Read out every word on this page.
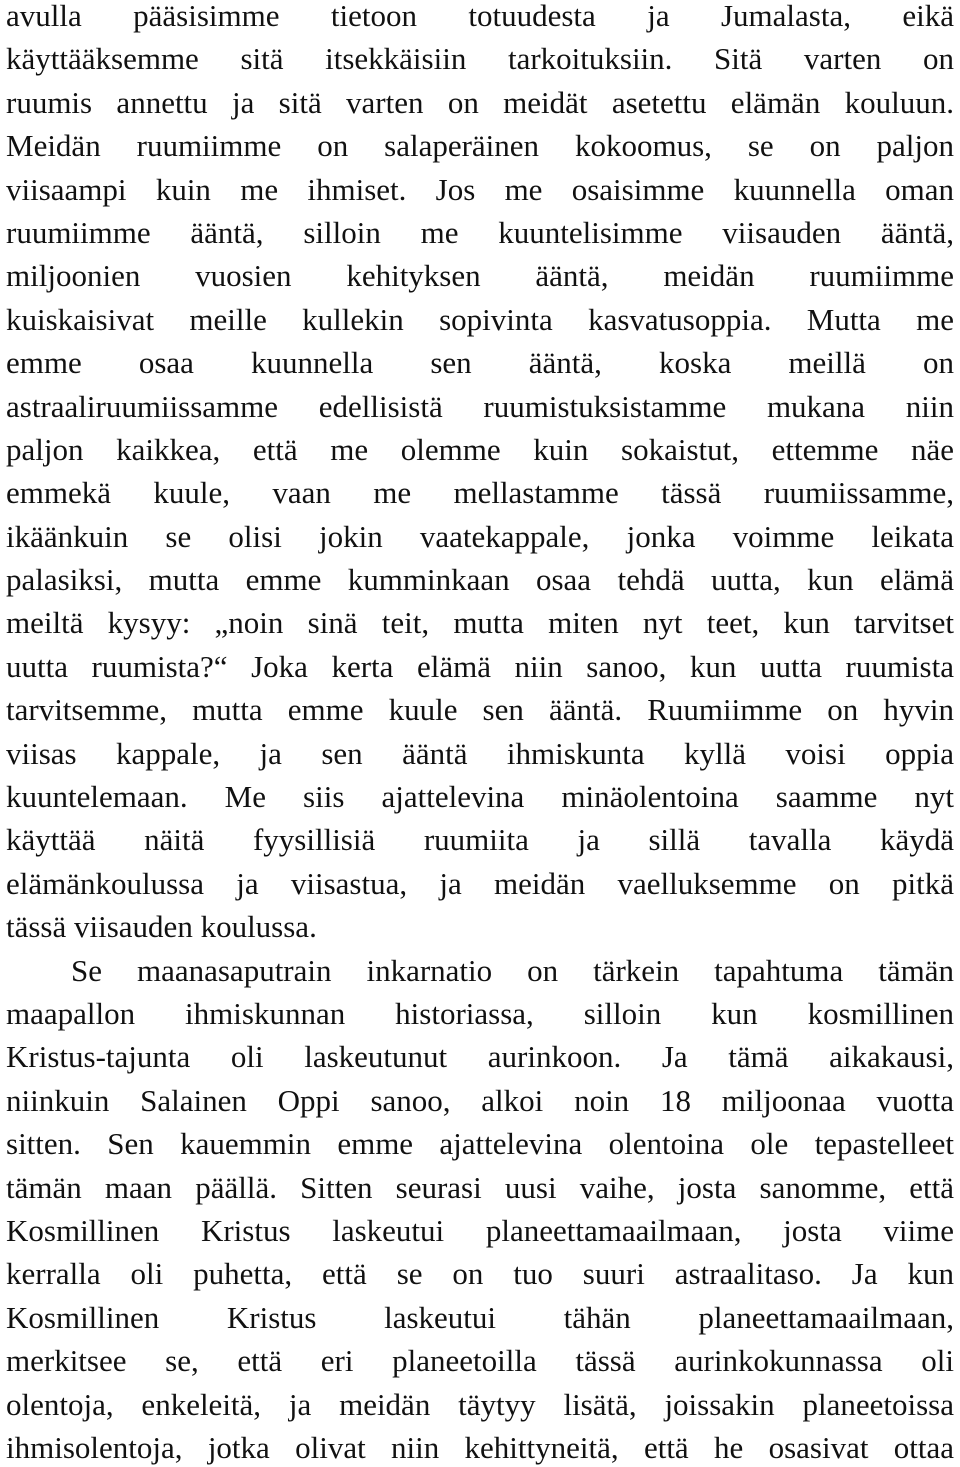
avulla pääsisimme tietoon totuudesta ja Jumalasta, eikä
käyttääksemme sitä itsekkäisiin tarkoituksiin. Sitä varten on
ruumis annettu ja sitä varten on meidät asetettu elämän kouluun.
Meidän ruumiimme on salaperäinen kokoomus, se on paljon
viisaampi kuin me ihmiset. Jos me osaisimme kuunnella oman
ruumiimme ääntä, silloin me kuuntelisimme viisauden ääntä,
miljoonien vuosien kehityksen ääntä, meidän ruumiimme
kuiskaisivat meille kullekin sopivinta kasvatusoppia. Mutta me
emme osaa kuunnella sen ääntä, koska meillä on
astraaliruumiissamme edellisistä ruumistuksistamme mukana niin
paljon kaikkea, että me olemme kuin sokaistut, ettemme näe
emmekä kuule, vaan me mellastamme tässä ruumiissamme,
ikäänkuin se olisi jokin vaatekappale, jonka voimme leikata
palasiksi, mutta emme kumminkaan osaa tehdä uutta, kun elämä
meiltä kysyy: „noin sinä teit, mutta miten nyt teet, kun tarvitset
uutta ruumista?“ Joka kerta elämä niin sanoo, kun uutta ruumista
tarvitsemme, mutta emme kuule sen ääntä. Ruumiimme on hyvin
viisas kappale, ja sen ääntä ihmiskunta kyllä voisi oppia
kuuntelemaan. Me siis ajattelevina minäolentoina saamme nyt
käyttää näitä fyysillisiä ruumiita ja sillä tavalla käydä
elämänkoulussa ja viisastua, ja meidän vaelluksemme on pitkä
tässä viisauden koulussa.
Se maanasaputrain inkarnatio on tärkein tapahtuma tämän
maapallon ihmiskunnan historiassa, silloin kun kosmillinen
Kristus-tajunta oli laskeutunut aurinkoon. Ja tämä aikakausi,
niinkuin Salainen Oppi sanoo, alkoi noin 18 miljoonaa vuotta
sitten. Sen kauemmin emme ajattelevina olentoina ole tepastelleet
tämän maan päällä. Sitten seurasi uusi vaihe, josta sanomme, että
Kosmillinen Kristus laskeutui planeettamaailmaan, josta viime
kerralla oli puhetta, että se on tuo suuri astraalitaso. Ja kun
Kosmillinen Kristus laskeutui tähän planeettamaailmaan,
merkitsee se, että eri planeetoilla tässä aurinkokunnassa oli
olentoja, enkeleitä, ja meidän täytyy lisätä, joissakin planeetoissa
ihmisolentoja, jotka olivat niin kehittyneitä, että he osasivat ottaa
